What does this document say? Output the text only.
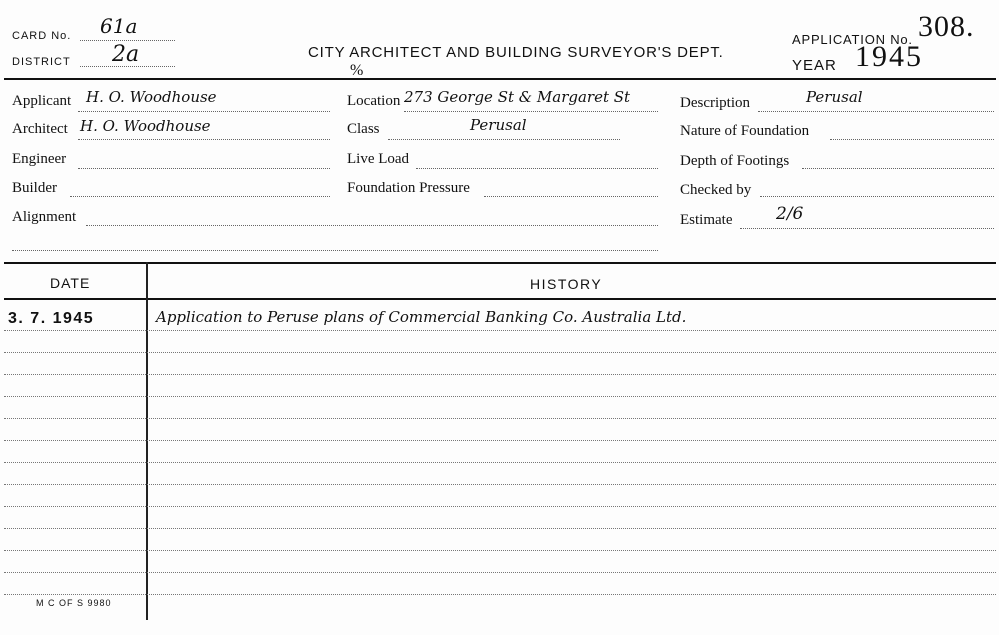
CARD No. 61a
DISTRICT 2a	CITY ARCHITECT AND BUILDING SURVEYOR'S DEPT.
%
APPLICATION No. 308.
YEAR 1945
Applicant H. O. Woodhouse
Architect H. O. Woodhouse
Engineer
Builder
Alignment
Location 273 George St & Margaret St
Class	Perusal
Live Load
Foundation Pressure
Description	Perusal
Nature of Foundation
Depth of Footings
Checked by
Estimate	2/6
DATE	HISTORY
3. 7. 1945	Application to Peruse plans of Commercial Banking Co. Australia Ltd.
M C OF S 9980
